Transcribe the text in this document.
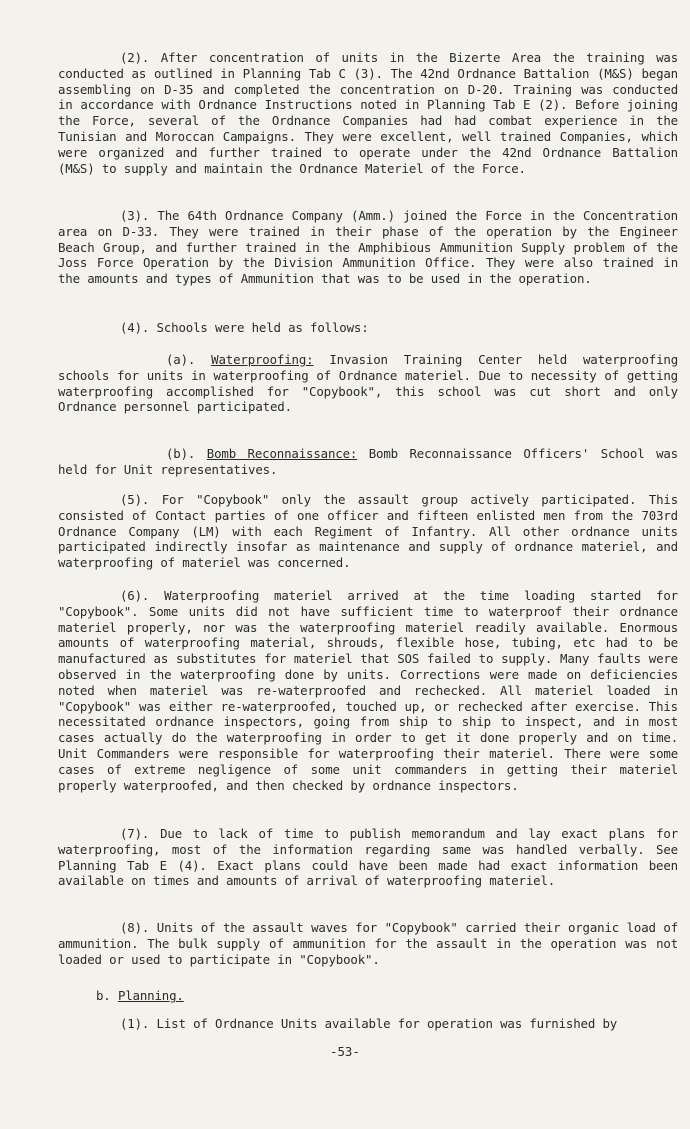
(2). After concentration of units in the Bizerte Area the training was conducted as outlined in Planning Tab C (3). The 42nd Ordnance Battalion (M&S) began assembling on D-35 and completed the concentration on D-20. Training was conducted in accordance with Ordnance Instructions noted in Planning Tab E (2). Before joining the Force, several of the Ordnance Companies had had combat experience in the Tunisian and Moroccan Campaigns. They were excellent, well trained Companies, which were organized and further trained to operate under the 42nd Ordnance Battalion (M&S) to supply and maintain the Ordnance Materiel of the Force.
(3). The 64th Ordnance Company (Amm.) joined the Force in the Concentration area on D-33. They were trained in their phase of the operation by the Engineer Beach Group, and further trained in the Amphibious Ammunition Supply problem of the Joss Force Operation by the Division Ammunition Office. They were also trained in the amounts and types of Ammunition that was to be used in the operation.
(4). Schools were held as follows:
(a). Waterproofing: Invasion Training Center held waterproofing schools for units in waterproofing of Ordnance materiel. Due to necessity of getting waterproofing accomplished for "Copybook", this school was cut short and only Ordnance personnel participated.
(b). Bomb Reconnaissance: Bomb Reconnaissance Officers' School was held for Unit representatives.
(5). For "Copybook" only the assault group actively participated. This consisted of Contact parties of one officer and fifteen enlisted men from the 703rd Ordnance Company (LM) with each Regiment of Infantry. All other ordnance units participated indirectly insofar as maintenance and supply of ordnance materiel, and waterproofing of materiel was concerned.
(6). Waterproofing materiel arrived at the time loading started for "Copybook". Some units did not have sufficient time to waterproof their ordnance materiel properly, nor was the waterproofing materiel readily available. Enormous amounts of waterproofing material, shrouds, flexible hose, tubing, etc had to be manufactured as substitutes for materiel that SOS failed to supply. Many faults were observed in the waterproofing done by units. Corrections were made on deficiencies noted when materiel was re-waterproofed and rechecked. All materiel loaded in "Copybook" was either re-waterproofed, touched up, or rechecked after exercise. This necessitated ordnance inspectors, going from ship to ship to inspect, and in most cases actually do the waterproofing in order to get it done properly and on time. Unit Commanders were responsible for waterproofing their materiel. There were some cases of extreme negligence of some unit commanders in getting their materiel properly waterproofed, and then checked by ordnance inspectors.
(7). Due to lack of time to publish memorandum and lay exact plans for waterproofing, most of the information regarding same was handled verbally. See Planning Tab E (4). Exact plans could have been made had exact information been available on times and amounts of arrival of waterproofing materiel.
(8). Units of the assault waves for "Copybook" carried their organic load of ammunition. The bulk supply of ammunition for the assault in the operation was not loaded or used to participate in "Copybook".
b. Planning.
(1). List of Ordnance Units available for operation was furnished by
-53-
